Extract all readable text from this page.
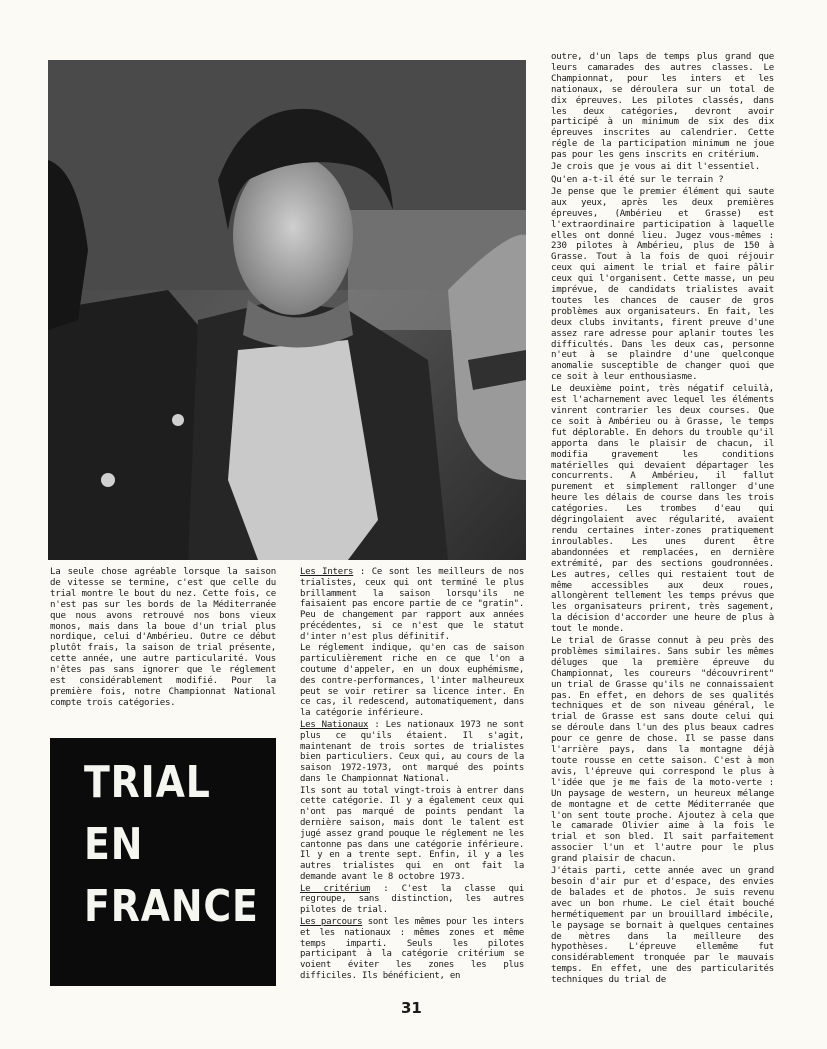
La seule chose agréable lorsque la saison de vitesse se termine, c'est que celle du trial montre le bout du nez. Cette fois, ce n'est pas sur les bords de la Méditerranée que nous avons retrouvé nos bons vieux monos, mais dans la boue d'un trial plus nordique, celui d'Ambérieu. Outre ce début plutôt frais, la saison de trial présente, cette année, une autre particularité. Vous n'êtes pas sans ignorer que le réglement est considérablement modifié. Pour la première fois, notre Championnat National compte trois catégories.

TRIAL
EN
FRANCE

Les Inters : Ce sont les meilleurs de nos trialistes, ceux qui ont terminé le plus brillamment la saison lorsqu'ils ne faisaient pas encore partie de ce "gratin". Peu de changement par rapport aux années précédentes, si ce n'est que le statut d'inter n'est plus définitif.

Le réglement indique, qu'en cas de saison particulièrement riche en ce que l'on a coutume d'appeler, en un doux euphémisme, des contre-performances, l'inter malheureux peut se voir retirer sa licence inter. En ce cas, il redescend, automatiquement, dans la catégorie inférieure.

Les Nationaux : Les nationaux 1973 ne sont plus ce qu'ils étaient. Il s'agit, maintenant de trois sortes de trialistes bien particuliers. Ceux qui, au cours de la saison 1972-1973, ont marqué des points dans le Championnat National.

Ils sont au total vingt-trois à entrer dans cette catégorie. Il y a également ceux qui n'ont pas marqué de points pendant la dernière saison, mais dont le talent est jugé assez grand pouque le réglement ne les cantonne pas dans une catégorie inférieure. Il y en a trente sept. Enfin, il y a les autres trialistes qui en ont fait la demande avant le 8 octobre 1973.

Le critérium : C'est la classe qui regroupe, sans distinction, les autres pilotes de trial.

Les parcours sont les mêmes pour les inters et les nationaux : mêmes zones et même temps imparti. Seuls les pilotes participant à la catégorie critérium se voient éviter les zones les plus difficiles. Ils bénéficient, en

outre, d'un laps de temps plus grand que leurs camarades des autres classes. Le Championnat, pour les inters et les nationaux, se déroulera sur un total de dix épreuves. Les pilotes classés, dans les deux catégories, devront avoir participé à un minimum de six des dix épreuves inscrites au calendrier. Cette régle de la participation minimum ne joue pas pour les gens inscrits en critérium.

Je crois que je vous ai dit l'essentiel.

Qu'en a-t-il été sur le terrain ?

Je pense que le premier élément qui saute aux yeux, après les deux premières épreuves, (Ambérieu et Grasse) est l'extraordinaire participation à laquelle elles ont donné lieu. Jugez vous-mêmes : 230 pilotes à Ambérieu, plus de 150 à Grasse. Tout à la fois de quoi réjouir ceux qui aiment le trial et faire pâlir ceux qui l'organisent. Cette masse, un peu imprévue, de candidats trialistes avait toutes les chances de causer de gros problèmes aux organisateurs. En fait, les deux clubs invitants, firent preuve d'une assez rare adresse pour aplanir toutes les difficultés. Dans les deux cas, personne n'eut à se plaindre d'une quelconque anomalie susceptible de changer quoi que ce soit à leur enthousiasme.

Le deuxième point, très négatif celuilà, est l'acharnement avec lequel les éléments vinrent contrarier les deux courses. Que ce soit à Ambérieu ou à Grasse, le temps fut déplorable. En dehors du trouble qu'il apporta dans le plaisir de chacun, il modifia gravement les conditions matérielles qui devaient départager les concurrents. A Ambérieu, il fallut purement et simplement rallonger d'une heure les délais de course dans les trois catégories. Les trombes d'eau qui dégringolaient avec régularité, avaient rendu certaines inter-zones pratiquement inroulables. Les unes durent être abandonnées et remplacées, en dernière extrémité, par des sections goudronnées. Les autres, celles qui restaient tout de même accessibles aux deux roues, allongèrent tellement les temps prévus que les organisateurs prirent, très sagement, la décision d'accorder une heure de plus à tout le monde.

Le trial de Grasse connut à peu près des problèmes similaires. Sans subir les mêmes déluges que la première épreuve du Championnat, les coureurs "découvrirent" un trial de Grasse qu'ils ne connaissaient pas. En effet, en dehors de ses qualités techniques et de son niveau général, le trial de Grasse est sans doute celui qui se déroule dans l'un des plus beaux cadres pour ce genre de chose. Il se passe dans l'arrière pays, dans la montagne déjà toute rousse en cette saison. C'est à mon avis, l'épreuve qui correspond le plus à l'idée que je me fais de la moto-verte : Un paysage de western, un heureux mélange de montagne et de cette Méditerranée que l'on sent toute proche. Ajoutez à cela que le camarade Olivier aime à la fois le trial et son bled. Il sait parfaitement associer l'un et l'autre pour le plus grand plaisir de chacun.

J'étais parti, cette année avec un grand besoin d'air pur et d'espace, des envies de balades et de photos. Je suis revenu avec un bon rhume. Le ciel était bouché hermétiquement par un brouillard imbécile, le paysage se bornait à quelques centaines de mètres dans la meilleure des hypothèses. L'épreuve ellemême fut considérablement tronquée par le mauvais temps. En effet, une des particularités techniques du trial de

31
